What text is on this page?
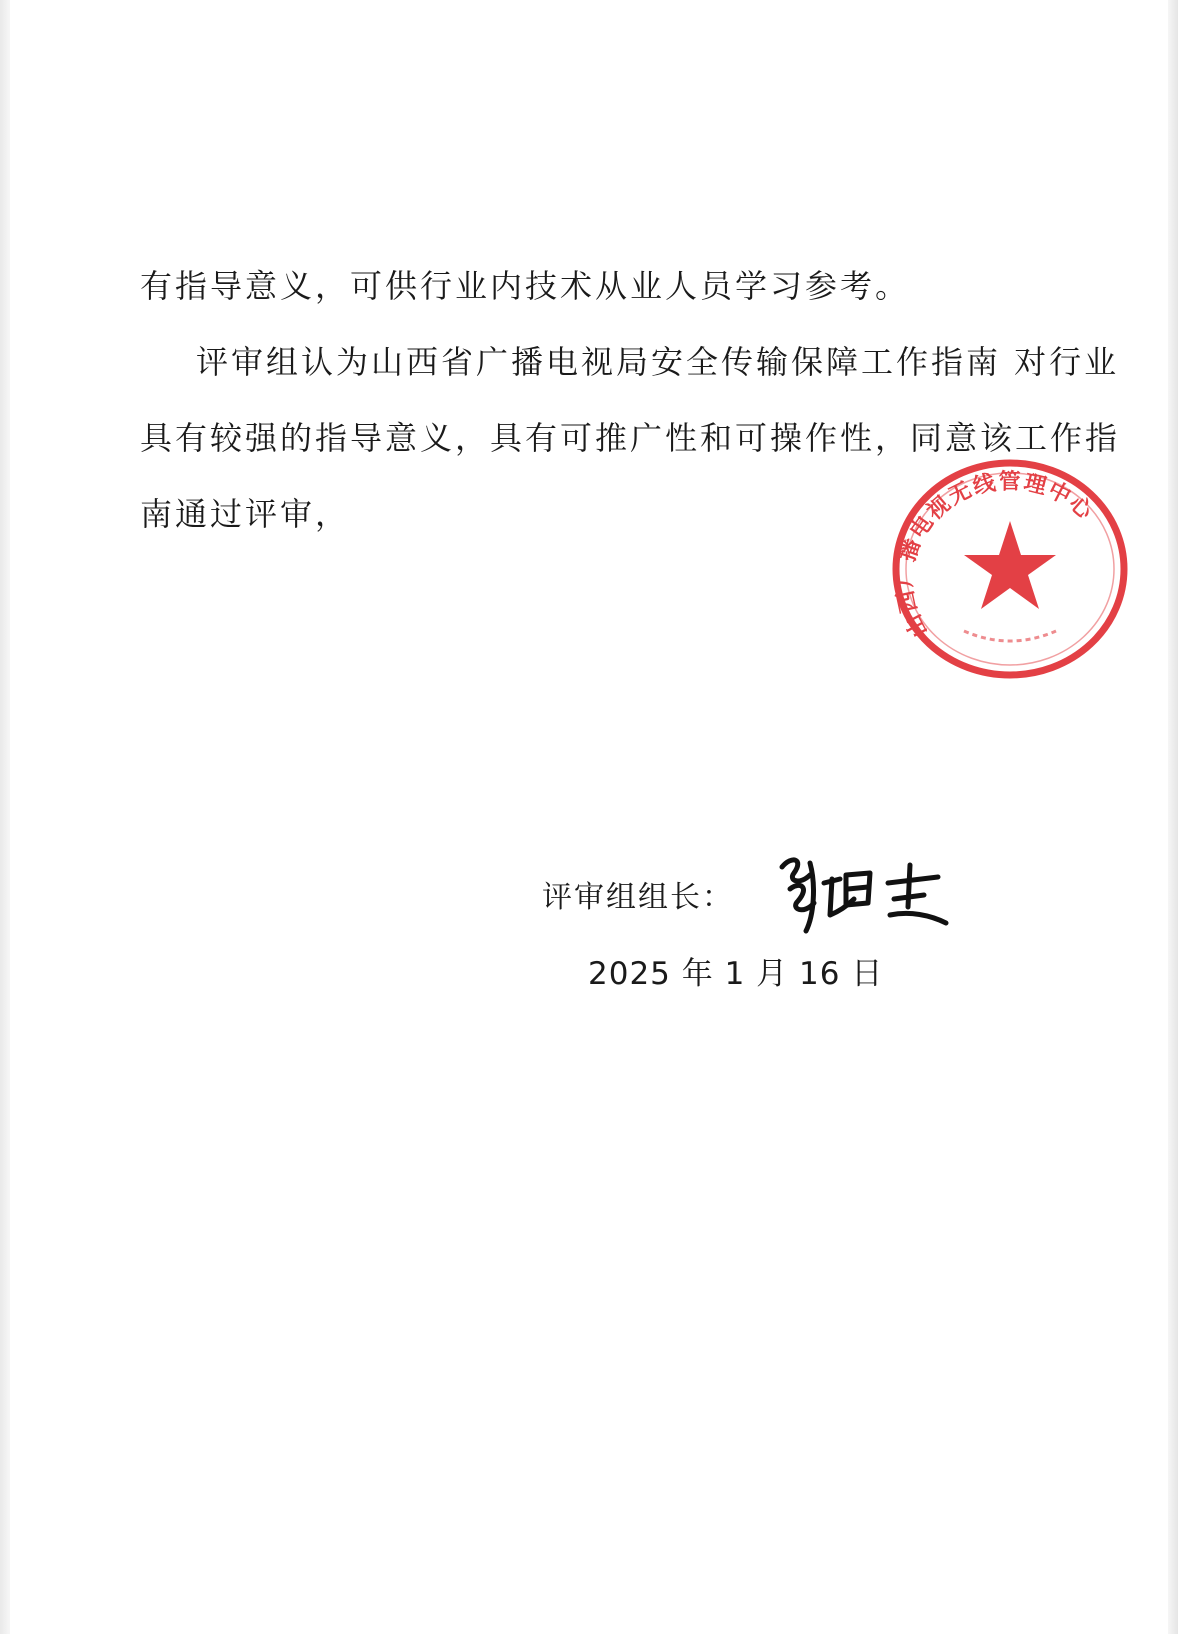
有指导意义，可供行业内技术从业人员学习参考。
评审组认为山西省广播电视局安全传输保障工作指南 对行业
具有较强的指导意义，具有可推广性和可操作性，同意该工作指
南通过评审，
评审组组长：
2025 年 1 月 16 日
山西广播电视无线管理中心
